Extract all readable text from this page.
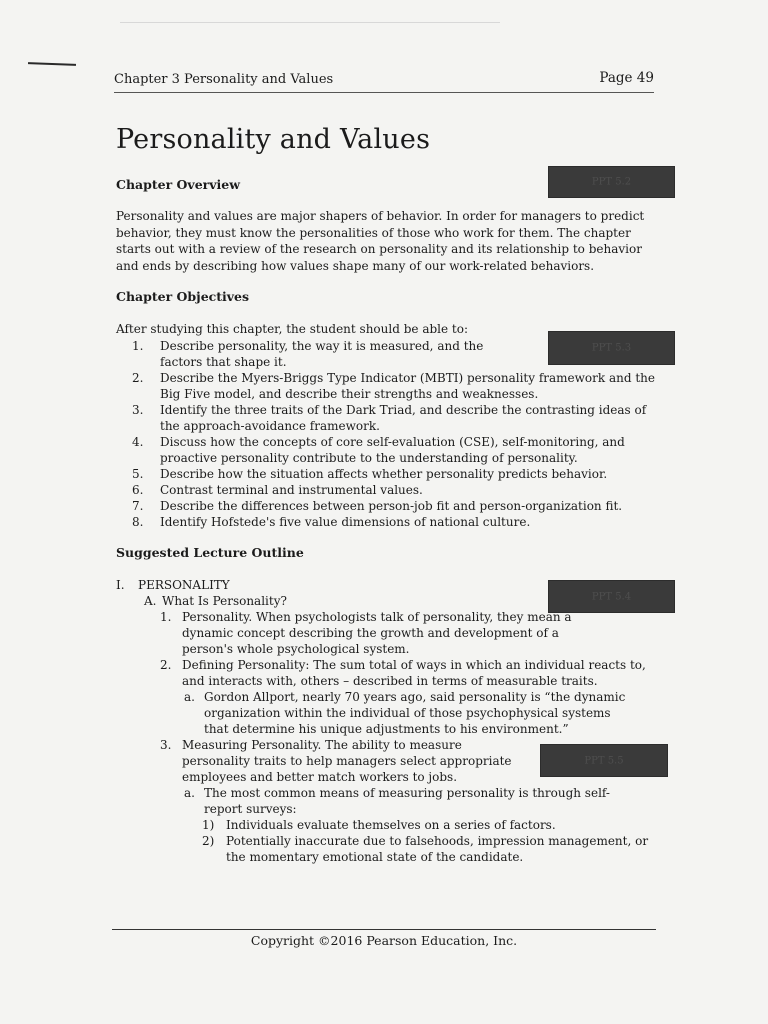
Chapter 3 Personality and Values	Page 49
Personality and Values
Chapter Overview	PPT 5.2

Personality and values are major shapers of behavior. In order for managers to predict behavior, they must know the personalities of those who work for them. The chapter starts out with a review of the research on personality and its relationship to behavior and ends by describing how values shape many of our work-related behaviors.

Chapter Objectives

After studying this chapter, the student should be able to:

PPT 5.3
1. Describe personality, the way it is measured, and the factors that shape it.
2. Describe the Myers-Briggs Type Indicator (MBTI) personality framework and the Big Five model, and describe their strengths and weaknesses.
3. Identify the three traits of the Dark Triad, and describe the contrasting ideas of the approach-avoidance framework.
4. Discuss how the concepts of core self-evaluation (CSE), self-monitoring, and proactive personality contribute to the understanding of personality.
5. Describe how the situation affects whether personality predicts behavior.
6. Contrast terminal and instrumental values.
7. Describe the differences between person-job fit and person-organization fit.
8. Identify Hofstede's five value dimensions of national culture.
Suggested Lecture Outline
PPT 5.4
PPT 5.5
I. PERSONALITY
A. What Is Personality?
1. Personality. When psychologists talk of personality, they mean a dynamic concept describing the growth and development of a person's whole psychological system.
2. Defining Personality: The sum total of ways in which an individual reacts to, and interacts with, others – described in terms of measurable traits.
a. Gordon Allport, nearly 70 years ago, said personality is “the dynamic organization within the individual of those psychophysical systems that determine his unique adjustments to his environment.”
3. Measuring Personality. The ability to measure personality traits to help managers select appropriate employees and better match workers to jobs.
a. The most common means of measuring personality is through self-report surveys:
1) Individuals evaluate themselves on a series of factors.
2) Potentially inaccurate due to falsehoods, impression management, or the momentary emotional state of the candidate.
Copyright ©2016 Pearson Education, Inc.
